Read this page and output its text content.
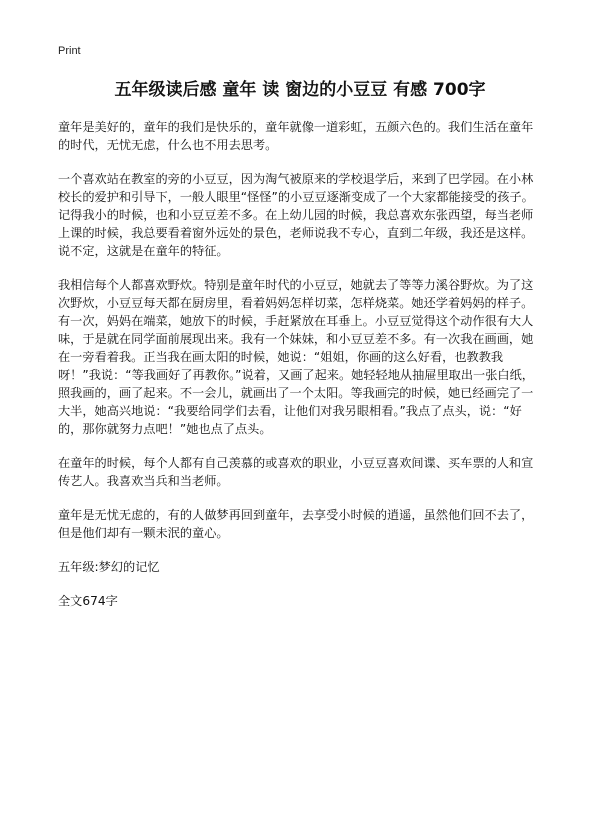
Print
五年级读后感 童年 读 窗边的小豆豆 有感 700字

童年是美好的，童年的我们是快乐的，童年就像一道彩虹，五颜六色的。我们生活在童年的时代，无忧无虑，什么也不用去思考。

一个喜欢站在教室的旁的小豆豆，因为淘气被原来的学校退学后，来到了巴学园。在小林校长的爱护和引导下，一般人眼里“怪怪”的小豆豆逐渐变成了一个大家都能接受的孩子。记得我小的时候，也和小豆豆差不多。在上幼儿园的时候，我总喜欢东张西望，每当老师上课的时候，我总要看着窗外远处的景色，老师说我不专心，直到二年级，我还是这样。说不定，这就是在童年的特征。

我相信每个人都喜欢野炊。特别是童年时代的小豆豆，她就去了等等力溪谷野炊。为了这次野炊，小豆豆每天都在厨房里，看着妈妈怎样切菜，怎样烧菜。她还学着妈妈的样子。有一次，妈妈在端菜，她放下的时候，手赶紧放在耳垂上。小豆豆觉得这个动作很有大人味，于是就在同学面前展现出来。我有一个妹妹，和小豆豆差不多。有一次我在画画，她在一旁看着我。正当我在画太阳的时候，她说：“姐姐，你画的这么好看，也教教我呀！”我说：“等我画好了再教你。”说着，又画了起来。她轻轻地从抽屉里取出一张白纸，照我画的，画了起来。不一会儿，就画出了一个太阳。等我画完的时候，她已经画完了一大半，她高兴地说：“我要给同学们去看，让他们对我另眼相看。”我点了点头，说：“好的，那你就努力点吧！”她也点了点头。

在童年的时候，每个人都有自己羡慕的或喜欢的职业，小豆豆喜欢间谍、买车票的人和宣传艺人。我喜欢当兵和当老师。

童年是无忧无虑的，有的人做梦再回到童年，去享受小时候的逍遥，虽然他们回不去了，但是他们却有一颗未泯的童心。

五年级:梦幻的记忆

全文674字
